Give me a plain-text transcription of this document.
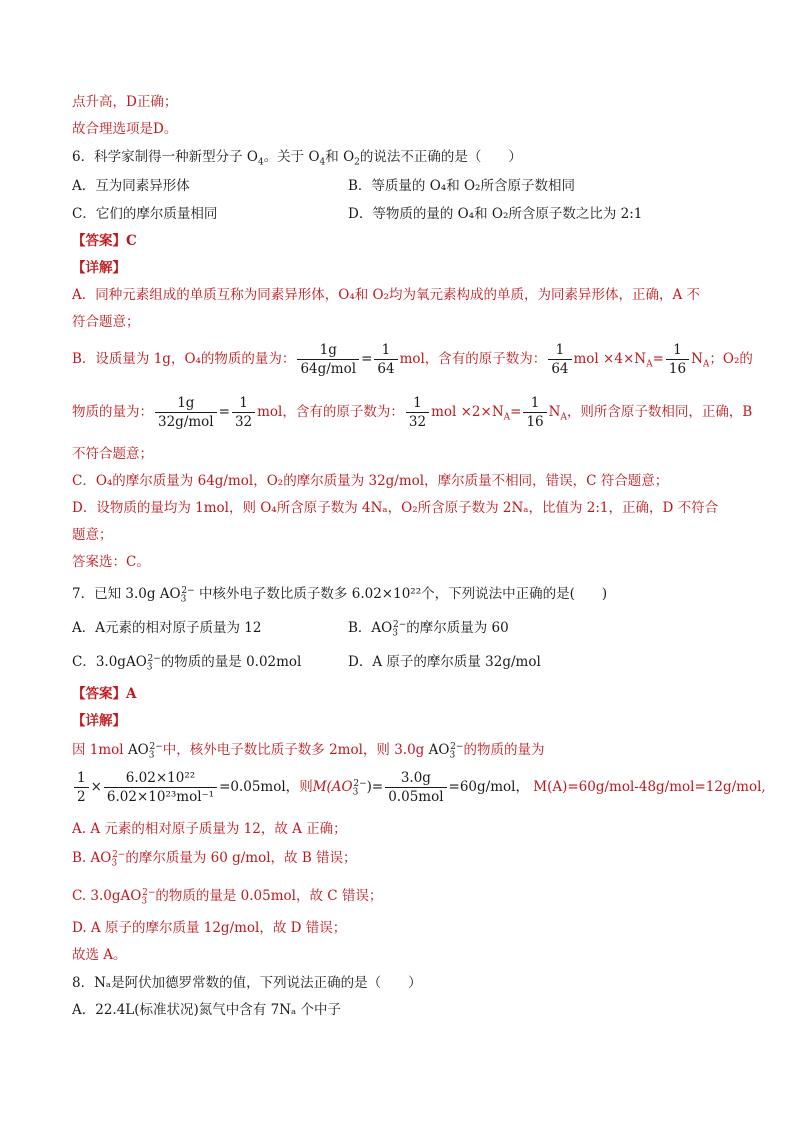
点升高，D正确；
故合理选项是D。
6．科学家制得一种新型分子 $O_4$。关于 $O_4$和 $O_2$的说法不正确的是（　　）
A．互为同素异形体	B．等质量的 O₄和 O₂所含原子数相同
C．它们的摩尔质量相同	D．等物质的量的 O₄和 O₂所含原子数之比为 2:1
【答案】C
【详解】
A．同种元素组成的单质互称为同素异形体，O₄和 O₂均为氧元素构成的单质，为同素异形体，正确，A 不
符合题意；
B．设质量为 1g，O₄的物质的量为： $\frac{1g}{\text{64g/mol}} = \frac{1}{64}$ mol，含有的原子数为： $\frac{1}{64}$ mol $\times 4\times N_A= \frac{1}{16} N_A$；O₂的
物质的量为： $\frac{1g}{\text{32g/mol}} = \frac{1}{32}$ mol，含有的原子数为： $\frac{1}{32}$ mol $\times 2\times N_A= \frac{1}{16} N_A$，则所含原子数相同，正确，B
不符合题意；
C．O₄的摩尔质量为 64g/mol，O₂的摩尔质量为 32g/mol，摩尔质量不相同，错误，C 符合题意；
D．设物质的量均为 1mol，则 O₄所含原子数为 4Nₐ，O₂所含原子数为 2Nₐ，比值为 2:1，正确，D 不符合
题意；
答案选：C。
7．已知 3.0g $AO_3^{2-}$ 中核外电子数比质子数多 6.02×10²²个，下列说法中正确的是(　　)
A．A元素的相对原子质量为 12	B．$AO_3^{2-}$的摩尔质量为 60
C．3.0gAO$_3^{2-}$的物质的量是 0.02mol	D．A 原子的摩尔质量 32g/mol
【答案】A
【详解】
因 1mol $AO_3^{2-}$中，核外电子数比质子数多 2mol，则 3.0g $AO_3^{2-}$的物质的量为
$\frac{1}{2} \times \frac{\text{6.02×10²²}}{\text{6.02×10²³mol⁻¹}} =0.05mol$，则$M(AO_3^{2-})= \frac{3.0g}{\text{0.05mol}} =60g/mol$， M(A)=60g/mol-48g/mol=12g/mol,
A. A 元素的相对原子质量为 12，故 A 正确；
B. $AO_3^{2-}$的摩尔质量为 60 g/mol，故 B 错误；
C. 3.0gAO$_3^{2-}$的物质的量是 0.05mol，故 C 错误；
D. A 原子的摩尔质量 12g/mol，故 D 错误；
故选 A。
8．Nₐ是阿伏加德罗常数的值，下列说法正确的是（　　）
A．22.4L(标准状况)氮气中含有 7Nₐ 个中子
